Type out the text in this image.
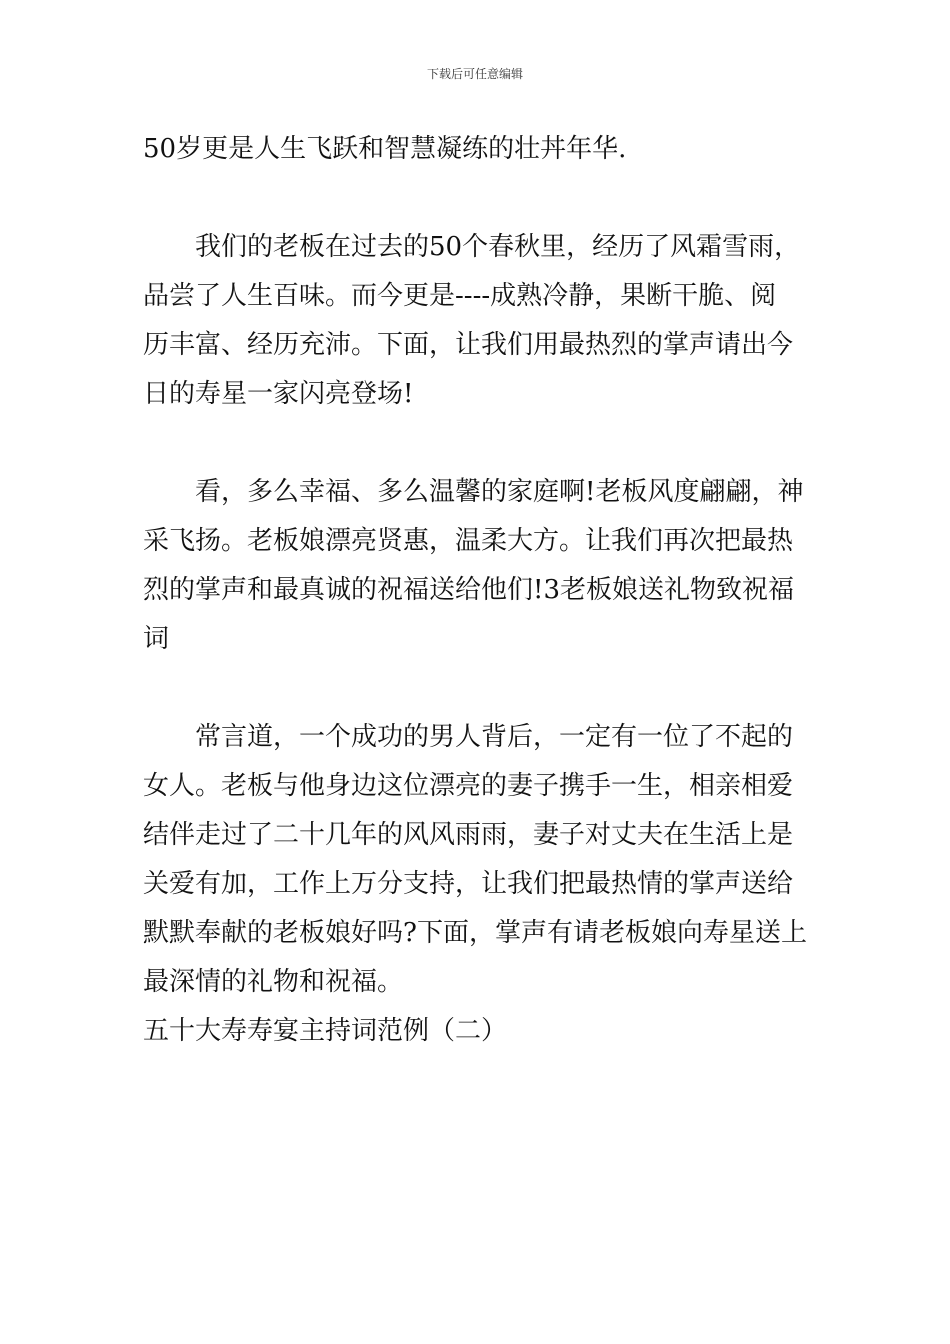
下载后可任意编辑
50岁更是人生飞跃和智慧凝练的壮丼年华.
我们的老板在过去的50个春秋里，经历了风霜雪雨，
品尝了人生百味。而今更是----成熟冷静，果断干脆、阅
历丰富、经历充沛。下面，让我们用最热烈的掌声请出今
日的寿星一家闪亮登场!
看，多么幸福、多么温馨的家庭啊!老板风度翩翩，神
采飞扬。老板娘漂亮贤惠，温柔大方。让我们再次把最热
烈的掌声和最真诚的祝福送给他们!3老板娘送礼物致祝福
词
常言道，一个成功的男人背后，一定有一位了不起的
女人。老板与他身边这位漂亮的妻子携手一生，相亲相爱
结伴走过了二十几年的风风雨雨，妻子对丈夫在生活上是
关爱有加，工作上万分支持，让我们把最热情的掌声送给
默默奉献的老板娘好吗?下面，掌声有请老板娘向寿星送上
最深情的礼物和祝福。
五十大寿寿宴主持词范例（二）
